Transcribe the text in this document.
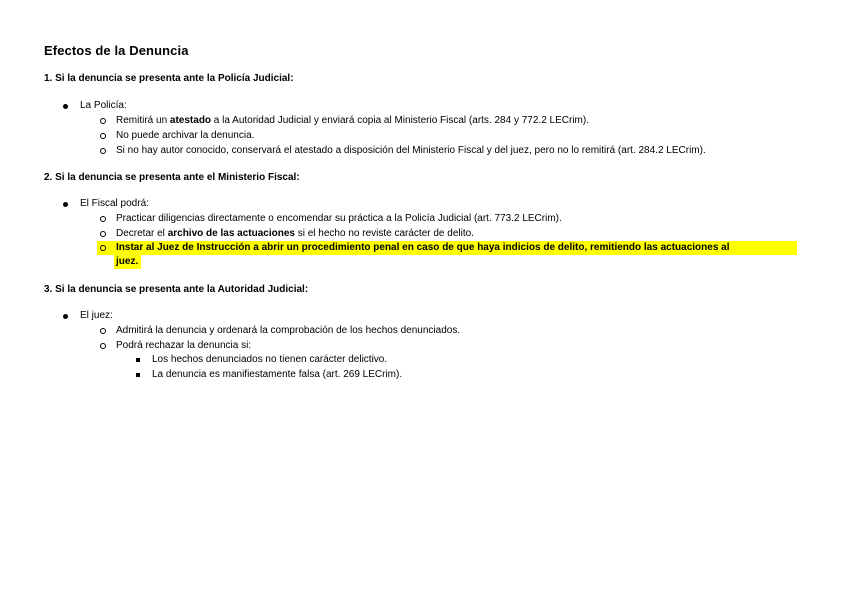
Efectos de la Denuncia
1. Si la denuncia se presenta ante la Policía Judicial:
La Policía:
Remitirá un atestado a la Autoridad Judicial y enviará copia al Ministerio Fiscal (arts. 284 y 772.2 LECrim).
No puede archivar la denuncia.
Si no hay autor conocido, conservará el atestado a disposición del Ministerio Fiscal y del juez, pero no lo remitirá (art. 284.2 LECrim).
2. Si la denuncia se presenta ante el Ministerio Fiscal:
El Fiscal podrá:
Practicar diligencias directamente o encomendar su práctica a la Policía Judicial (art. 773.2 LECrim).
Decretar el archivo de las actuaciones si el hecho no reviste carácter de delito.
Instar al Juez de Instrucción a abrir un procedimiento penal en caso de que haya indicios de delito, remitiendo las actuaciones al
juez.
3. Si la denuncia se presenta ante la Autoridad Judicial:
El juez:
Admitirá la denuncia y ordenará la comprobación de los hechos denunciados.
Podrá rechazar la denuncia si:
Los hechos denunciados no tienen carácter delictivo.
La denuncia es manifiestamente falsa (art. 269 LECrim).
